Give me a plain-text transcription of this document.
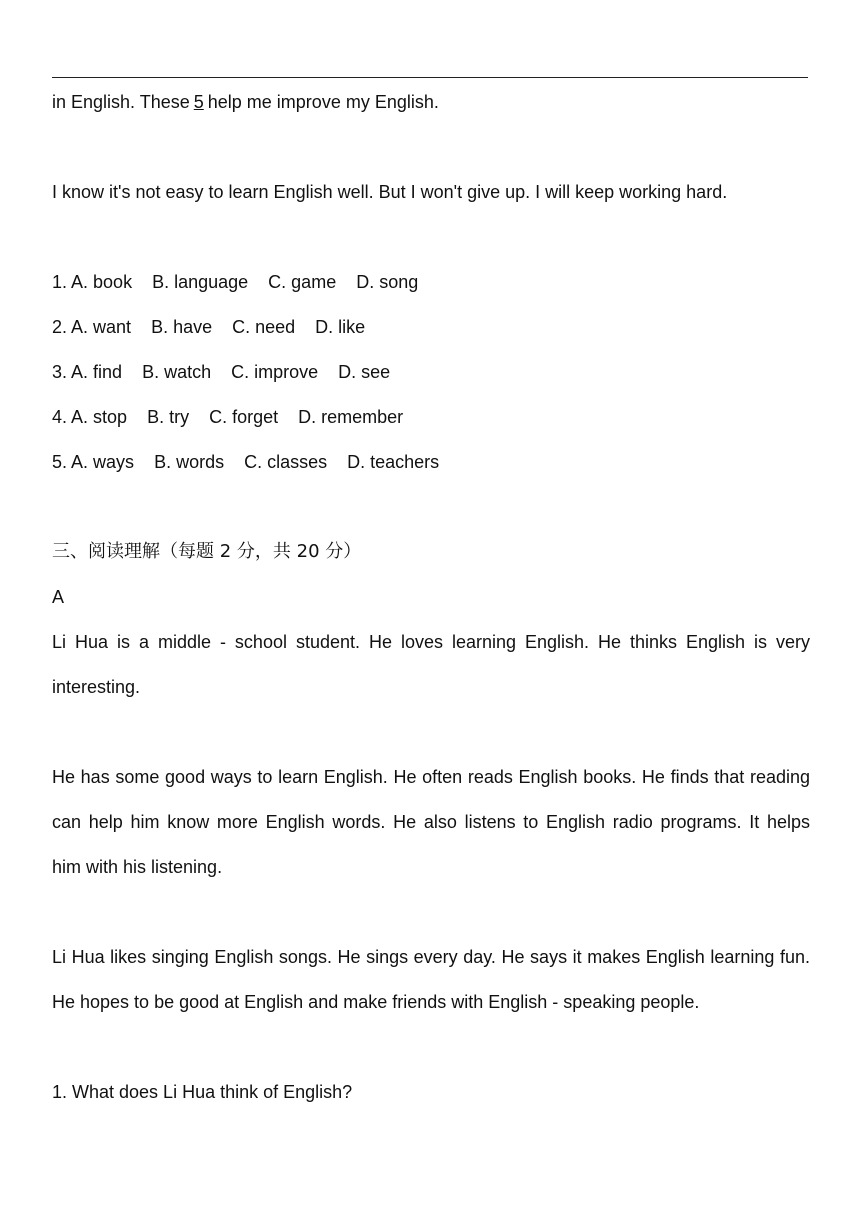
in English. These 5 help me improve my English.
I know it's not easy to learn English well. But I won't give up. I will keep working hard.
1. A. book B. language C. game D. song
2. A. want B. have C. need D. like
3. A. find B. watch C. improve D. see
4. A. stop B. try C. forget D. remember
5. A. ways B. words C. classes D. teachers
三、阅读理解（每题 2 分，共 20 分）
A
Li Hua is a middle - school student. He loves learning English. He thinks English is very
interesting.
He has some good ways to learn English. He often reads English books. He finds that reading
can help him know more English words. He also listens to English radio programs. It helps
him with his listening.
Li Hua likes singing English songs. He sings every day. He says it makes English learning fun.
He hopes to be good at English and make friends with English - speaking people.
1. What does Li Hua think of English?
